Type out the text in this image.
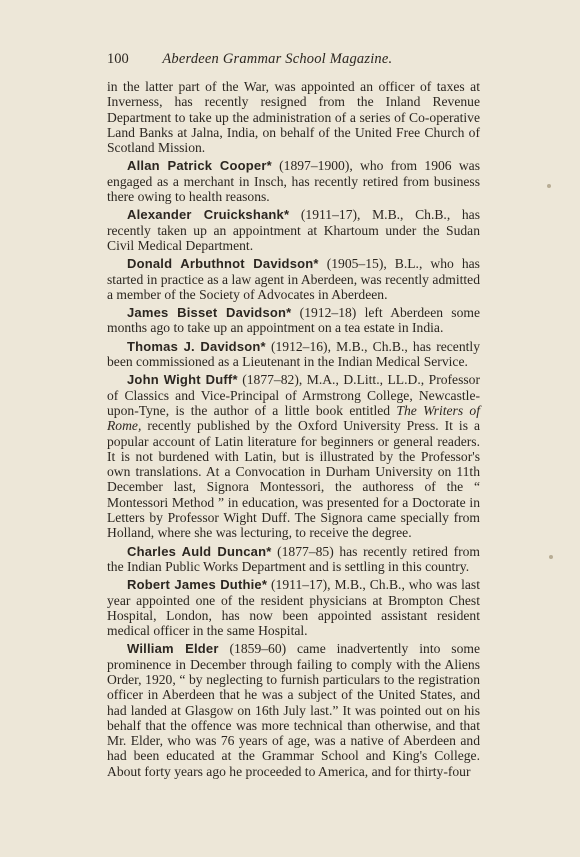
100 Aberdeen Grammar School Magazine.

in the latter part of the War, was appointed an officer of taxes at Inverness, has recently resigned from the Inland Revenue Department to take up the administration of a series of Co-operative Land Banks at Jalna, India, on behalf of the United Free Church of Scotland Mission.

Allan Patrick Cooper* (1897–1900), who from 1906 was engaged as a merchant in Insch, has recently retired from business there owing to health reasons.

Alexander Cruickshank* (1911–17), M.B., Ch.B., has recently taken up an appointment at Khartoum under the Sudan Civil Medical Department.

Donald Arbuthnot Davidson* (1905–15), B.L., who has started in practice as a law agent in Aberdeen, was recently admitted a member of the Society of Advocates in Aberdeen.

James Bisset Davidson* (1912–18) left Aberdeen some months ago to take up an appointment on a tea estate in India.

Thomas J. Davidson* (1912–16), M.B., Ch.B., has recently been commissioned as a Lieutenant in the Indian Medical Service.

John Wight Duff* (1877–82), M.A., D.Litt., LL.D., Professor of Classics and Vice-Principal of Armstrong College, Newcastle-upon-Tyne, is the author of a little book entitled The Writers of Rome, recently published by the Oxford University Press. It is a popular account of Latin literature for beginners or general readers. It is not burdened with Latin, but is illustrated by the Professor's own translations. At a Convocation in Durham University on 11th December last, Signora Montessori, the authoress of the “ Montessori Method ” in education, was presented for a Doctorate in Letters by Professor Wight Duff. The Signora came specially from Holland, where she was lecturing, to receive the degree.

Charles Auld Duncan* (1877–85) has recently retired from the Indian Public Works Department and is settling in this country.

Robert James Duthie* (1911–17), M.B., Ch.B., who was last year appointed one of the resident physicians at Brompton Chest Hospital, London, has now been appointed assistant resident medical officer in the same Hospital.

William Elder (1859–60) came inadvertently into some prominence in December through failing to comply with the Aliens Order, 1920, “ by neglecting to furnish particulars to the registration officer in Aberdeen that he was a subject of the United States, and had landed at Glasgow on 16th July last.” It was pointed out on his behalf that the offence was more technical than otherwise, and that Mr. Elder, who was 76 years of age, was a native of Aberdeen and had been educated at the Grammar School and King's College. About forty years ago he proceeded to America, and for thirty-four
